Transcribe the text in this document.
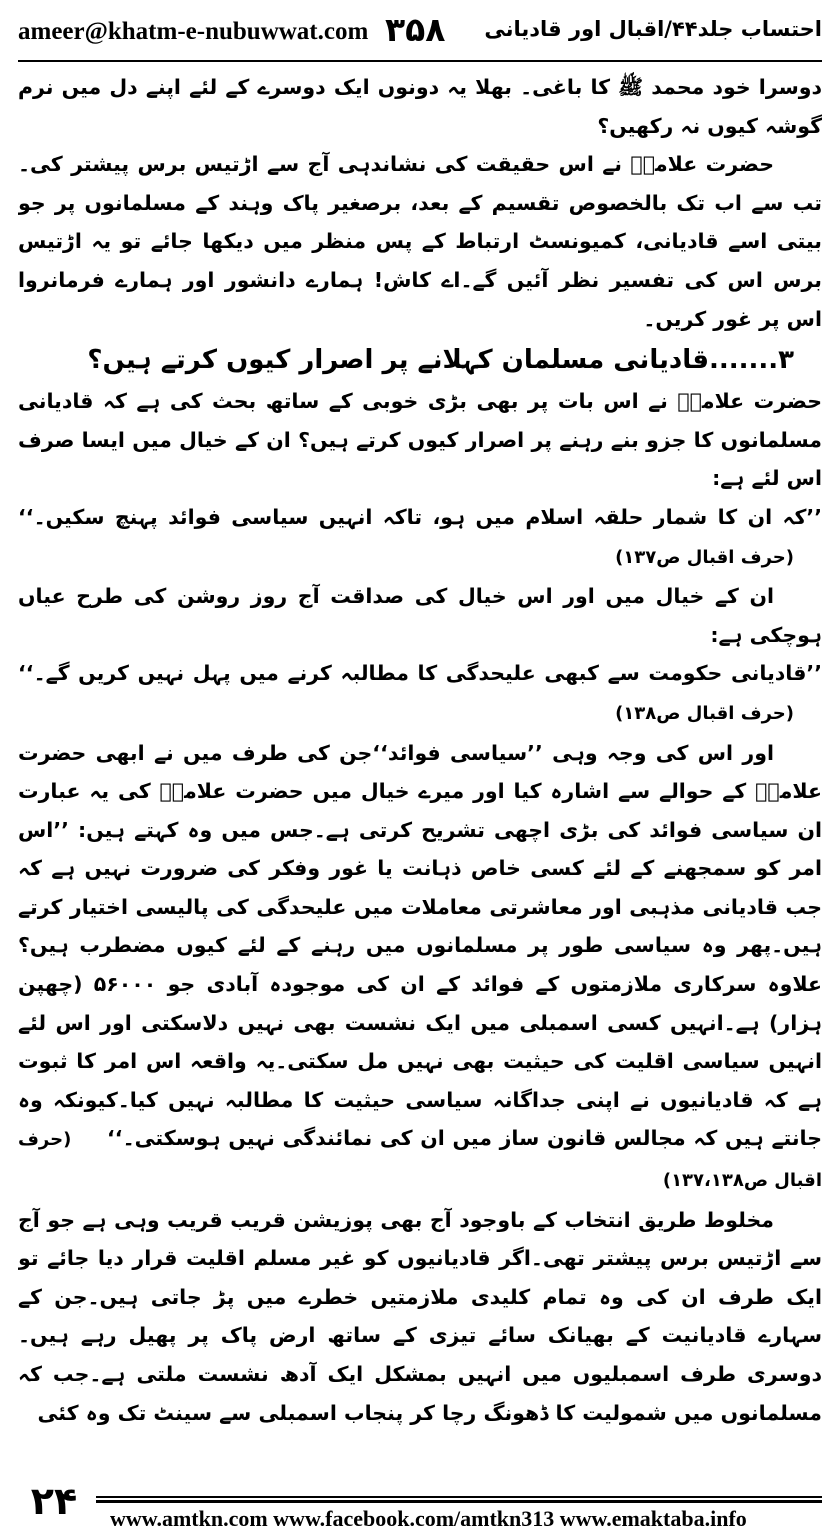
ameer@khatm-e-nubuwwat.com ۳۵۸ احتساب جلد۴۴/اقبال اور قادیانی

دوسرا خود محمد ﷺ کا باغی۔ بھلا یہ دونوں ایک دوسرے کے لئے اپنے دل میں نرم گوشہ کیوں نہ رکھیں؟

حضرت علامہؒ نے اس حقیقت کی نشاندہی آج سے اڑتیس برس پیشتر کی۔تب سے اب تک بالخصوص تقسیم کے بعد، برصغیر پاک وہند کے مسلمانوں پر جو بیتی اسے قادیانی، کمیونسٹ ارتباط کے پس منظر میں دیکھا جائے تو یہ اڑتیس برس اس کی تفسیر نظر آئیں گے۔اے کاش! ہمارے دانشور اور ہمارے فرمانروا اس پر غور کریں۔

۳.......قادیانی مسلمان کہلانے پر اصرار کیوں کرتے ہیں؟

حضرت علامہؒ نے اس بات پر بھی بڑی خوبی کے ساتھ بحث کی ہے کہ قادیانی مسلمانوں کا جزو بنے رہنے پر اصرار کیوں کرتے ہیں؟ ان کے خیال میں ایسا صرف اس لئے ہے:

’’کہ ان کا شمار حلقہ اسلام میں ہو، تاکہ انہیں سیاسی فوائد پہنچ سکیں۔‘‘ (حرف اقبال ص۱۳۷)

ان کے خیال میں اور اس خیال کی صداقت آج روز روشن کی طرح عیاں ہوچکی ہے:

’’قادیانی حکومت سے کبھی علیحدگی کا مطالبہ کرنے میں پہل نہیں کریں گے۔‘‘ (حرف اقبال ص۱۳۸)

اور اس کی وجہ وہی ’’سیاسی فوائد‘‘جن کی طرف میں نے ابھی حضرت علامہؒ کے حوالے سے اشارہ کیا اور میرے خیال میں حضرت علامہؒ کی یہ عبارت ان سیاسی فوائد کی بڑی اچھی تشریح کرتی ہے۔جس میں وہ کہتے ہیں: ’’اس امر کو سمجھنے کے لئے کسی خاص ذہانت یا غور وفکر کی ضرورت نہیں ہے کہ جب قادیانی مذہبی اور معاشرتی معاملات میں علیحدگی کی پالیسی اختیار کرتے ہیں۔پھر وہ سیاسی طور پر مسلمانوں میں رہنے کے لئے کیوں مضطرب ہیں؟ علاوہ سرکاری ملازمتوں کے فوائد کے ان کی موجودہ آبادی جو ۵۶۰۰۰ (چھپن ہزار) ہے۔انہیں کسی اسمبلی میں ایک نشست بھی نہیں دلاسکتی اور اس لئے انہیں سیاسی اقلیت کی حیثیت بھی نہیں مل سکتی۔یہ واقعہ اس امر کا ثبوت ہے کہ قادیانیوں نے اپنی جداگانہ سیاسی حیثیت کا مطالبہ نہیں کیا۔کیونکہ وہ جانتے ہیں کہ مجالس قانون ساز میں ان کی نمائندگی نہیں ہوسکتی۔‘‘ (حرف اقبال ص۱۳۷،۱۳۸)

مخلوط طریق انتخاب کے باوجود آج بھی پوزیشن قریب قریب وہی ہے جو آج سے اڑتیس برس پیشتر تھی۔اگر قادیانیوں کو غیر مسلم اقلیت قرار دیا جائے تو ایک طرف ان کی وہ تمام کلیدی ملازمتیں خطرے میں پڑ جاتی ہیں۔جن کے سہارے قادیانیت کے بھیانک سائے تیزی کے ساتھ ارض پاک پر پھیل رہے ہیں۔دوسری طرف اسمبلیوں میں انہیں بمشکل ایک آدھ نشست ملتی ہے۔جب کہ مسلمانوں میں شمولیت کا ڈھونگ رچا کر پنجاب اسمبلی سے سینٹ تک وہ کئی

۲۴	www.amtkn.com www.facebook.com/amtkn313 www.emaktaba.info
